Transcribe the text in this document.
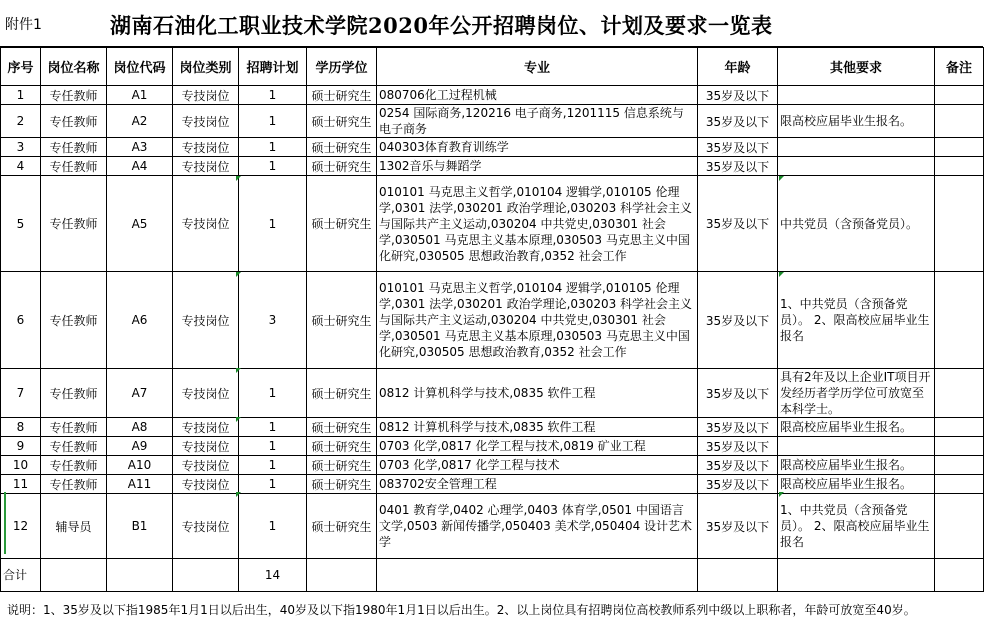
附件1	湖南石油化工职业技术学院2020年公开招聘岗位、计划及要求一览表
序号	岗位名称	岗位代码	岗位类别	招聘计划	学历学位	专业	年龄	其他要求	备注
1	专任教师	A1	专技岗位	1	硕士研究生	080706化工过程机械	35岁及以下		
2	专任教师	A2	专技岗位	1	硕士研究生	0254 国际商务,120216 电子商务,1201115 信息系统与电子商务	35岁及以下	限高校应届毕业生报名。	
3	专任教师	A3	专技岗位	1	硕士研究生	040303体育教育训练学	35岁及以下		
4	专任教师	A4	专技岗位	1	硕士研究生	1302音乐与舞蹈学	35岁及以下		
5	专任教师	A5	专技岗位	1	硕士研究生	010101 马克思主义哲学,010104 逻辑学,010105 伦理学,0301 法学,030201 政治学理论,030203 科学社会主义与国际共产主义运动,030204 中共党史,030301 社会学,030501 马克思主义基本原理,030503 马克思主义中国化研究,030505 思想政治教育,0352 社会工作	35岁及以下	中共党员（含预备党员）。	
6	专任教师	A6	专技岗位	3	硕士研究生	010101 马克思主义哲学,010104 逻辑学,010105 伦理学,0301 法学,030201 政治学理论,030203 科学社会主义与国际共产主义运动,030204 中共党史,030301 社会学,030501 马克思主义基本原理,030503 马克思主义中国化研究,030505 思想政治教育,0352 社会工作	35岁及以下	1、中共党员（含预备党员）。 2、限高校应届毕业生报名	
7	专任教师	A7	专技岗位	1	硕士研究生	0812 计算机科学与技术,0835 软件工程	35岁及以下	具有2年及以上企业IT项目开发经历者学历学位可放宽至本科学士。	
8	专任教师	A8	专技岗位	1	硕士研究生	0812 计算机科学与技术,0835 软件工程	35岁及以下	限高校应届毕业生报名。	
9	专任教师	A9	专技岗位	1	硕士研究生	0703 化学,0817 化学工程与技术,0819 矿业工程	35岁及以下		
10	专任教师	A10	专技岗位	1	硕士研究生	0703 化学,0817 化学工程与技术	35岁及以下	限高校应届毕业生报名。	
11	专任教师	A11	专技岗位	1	硕士研究生	083702安全管理工程	35岁及以下	限高校应届毕业生报名。	
12	辅导员	B1	专技岗位	1	硕士研究生	0401 教育学,0402 心理学,0403 体育学,0501 中国语言文学,0503 新闻传播学,050403 美术学,050404 设计艺术学	35岁及以下	1、中共党员（含预备党员）。 2、限高校应届毕业生报名	
合计				14					
说明：1、35岁及以下指1985年1月1日以后出生，40岁及以下指1980年1月1日以后出生。2、以上岗位具有招聘岗位高校教师系列中级以上职称者，年龄可放宽至40岁。
